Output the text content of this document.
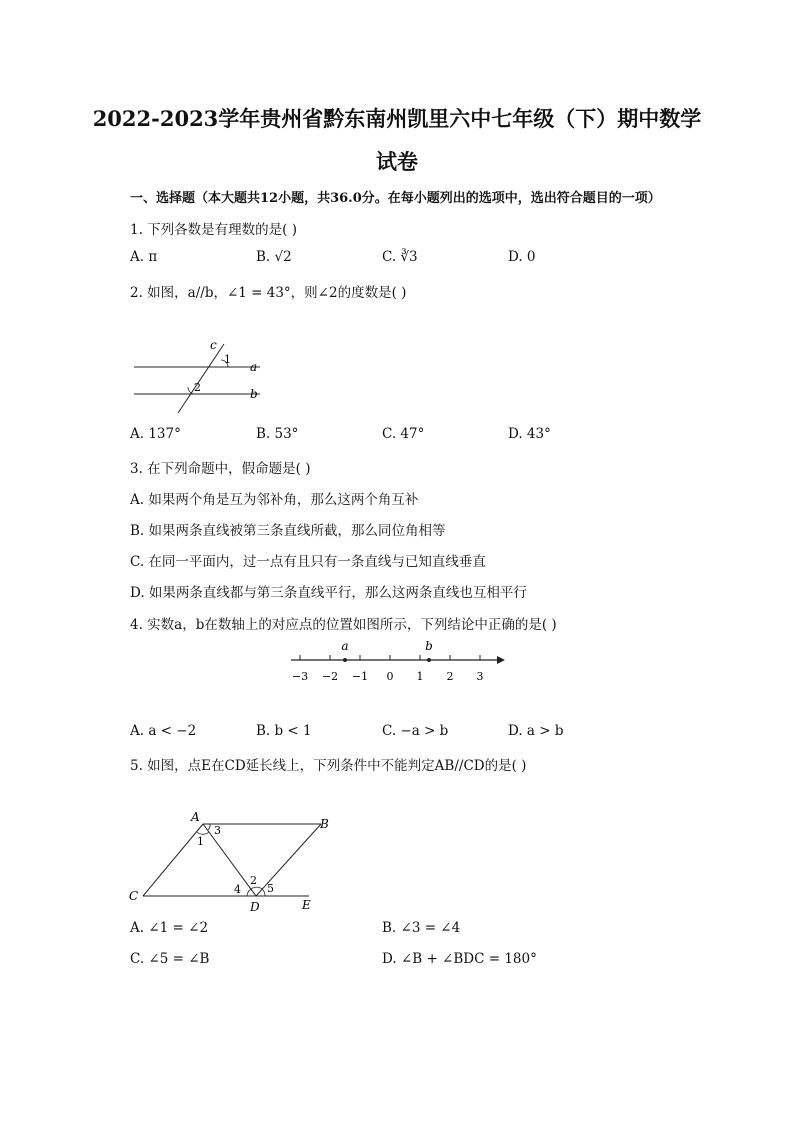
2022-2023学年贵州省黔东南州凯里六中七年级（下）期中数学
试卷
一、选择题（本大题共12小题，共36.0分。在每小题列出的选项中，选出符合题目的一项）
1. 下列各数是有理数的是( )
A. π	B. √2	C. ∛3	D. 0
2. 如图，a//b，∠1 = 43°，则∠2的度数是( )
c
1
a
2	b
A. 137°	B. 53°	C. 47°	D. 43°
3. 在下列命题中，假命题是( )
A. 如果两个角是互为邻补角，那么这两个角互补
B. 如果两条直线被第三条直线所截，那么同位角相等
C. 在同一平面内，过一点有且只有一条直线与已知直线垂直
D. 如果两条直线都与第三条直线平行，那么这两条直线也互相平行
4. 实数a，b在数轴上的对应点的位置如图所示，下列结论中正确的是( )
−3 −2 −1 0 1 2 3
a	b
A. a < −2	B. b < 1	C. −a > b	D. a > b
5. 如图，点E在CD延长线上，下列条件中不能判定AB//CD的是( )
A	B
C
D	E
1
2
3
4 5
A. ∠1 = ∠2	B. ∠3 = ∠4
C. ∠5 = ∠B	D. ∠B + ∠BDC = 180°
